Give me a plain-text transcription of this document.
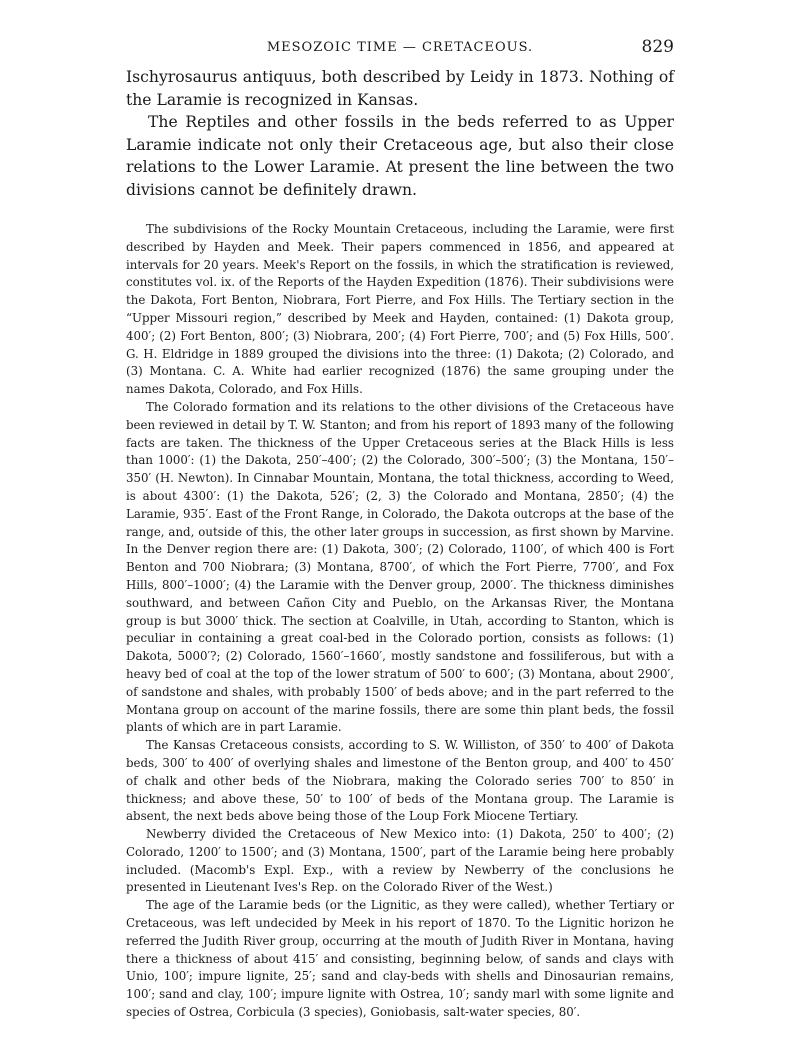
MESOZOIC TIME — CRETACEOUS.	829

Ischyrosaurus antiquus, both described by Leidy in 1873. Nothing of the Laramie is recognized in Kansas.

The Reptiles and other fossils in the beds referred to as Upper Laramie indicate not only their Cretaceous age, but also their close relations to the Lower Laramie. At present the line between the two divisions cannot be definitely drawn.

The subdivisions of the Rocky Mountain Cretaceous, including the Laramie, were first described by Hayden and Meek. Their papers commenced in 1856, and appeared at intervals for 20 years. Meek's Report on the fossils, in which the stratification is reviewed, constitutes vol. ix. of the Reports of the Hayden Expedition (1876). Their subdivisions were the Dakota, Fort Benton, Niobrara, Fort Pierre, and Fox Hills. The Tertiary section in the “Upper Missouri region,” described by Meek and Hayden, contained: (1) Dakota group, 400′; (2) Fort Benton, 800′; (3) Niobrara, 200′; (4) Fort Pierre, 700′; and (5) Fox Hills, 500′. G. H. Eldridge in 1889 grouped the divisions into the three: (1) Dakota; (2) Colorado, and (3) Montana. C. A. White had earlier recognized (1876) the same grouping under the names Dakota, Colorado, and Fox Hills.

The Colorado formation and its relations to the other divisions of the Cretaceous have been reviewed in detail by T. W. Stanton; and from his report of 1893 many of the following facts are taken. The thickness of the Upper Cretaceous series at the Black Hills is less than 1000′: (1) the Dakota, 250′–400′; (2) the Colorado, 300′–500′; (3) the Montana, 150′–350′ (H. Newton). In Cinnabar Mountain, Montana, the total thickness, according to Weed, is about 4300′: (1) the Dakota, 526′; (2, 3) the Colorado and Montana, 2850′; (4) the Laramie, 935′. East of the Front Range, in Colorado, the Dakota outcrops at the base of the range, and, outside of this, the other later groups in succession, as first shown by Marvine. In the Denver region there are: (1) Dakota, 300′; (2) Colorado, 1100′, of which 400 is Fort Benton and 700 Niobrara; (3) Montana, 8700′, of which the Fort Pierre, 7700′, and Fox Hills, 800′–1000′; (4) the Laramie with the Denver group, 2000′. The thickness diminishes southward, and between Cañon City and Pueblo, on the Arkansas River, the Montana group is but 3000′ thick. The section at Coalville, in Utah, according to Stanton, which is peculiar in containing a great coal-bed in the Colorado portion, consists as follows: (1) Dakota, 5000′?; (2) Colorado, 1560′–1660′, mostly sandstone and fossiliferous, but with a heavy bed of coal at the top of the lower stratum of 500′ to 600′; (3) Montana, about 2900′, of sandstone and shales, with probably 1500′ of beds above; and in the part referred to the Montana group on account of the marine fossils, there are some thin plant beds, the fossil plants of which are in part Laramie.

The Kansas Cretaceous consists, according to S. W. Williston, of 350′ to 400′ of Dakota beds, 300′ to 400′ of overlying shales and limestone of the Benton group, and 400′ to 450′ of chalk and other beds of the Niobrara, making the Colorado series 700′ to 850′ in thickness; and above these, 50′ to 100′ of beds of the Montana group. The Laramie is absent, the next beds above being those of the Loup Fork Miocene Tertiary.

Newberry divided the Cretaceous of New Mexico into: (1) Dakota, 250′ to 400′; (2) Colorado, 1200′ to 1500′; and (3) Montana, 1500′, part of the Laramie being here probably included. (Macomb's Expl. Exp., with a review by Newberry of the conclusions he presented in Lieutenant Ives's Rep. on the Colorado River of the West.)

The age of the Laramie beds (or the Lignitic, as they were called), whether Tertiary or Cretaceous, was left undecided by Meek in his report of 1870. To the Lignitic horizon he referred the Judith River group, occurring at the mouth of Judith River in Montana, having there a thickness of about 415′ and consisting, beginning below, of sands and clays with Unio, 100′; impure lignite, 25′; sand and clay-beds with shells and Dinosaurian remains, 100′; sand and clay, 100′; impure lignite with Ostrea, 10′; sandy marl with some lignite and species of Ostrea, Corbicula (3 species), Goniobasis, salt-water species, 80′.
